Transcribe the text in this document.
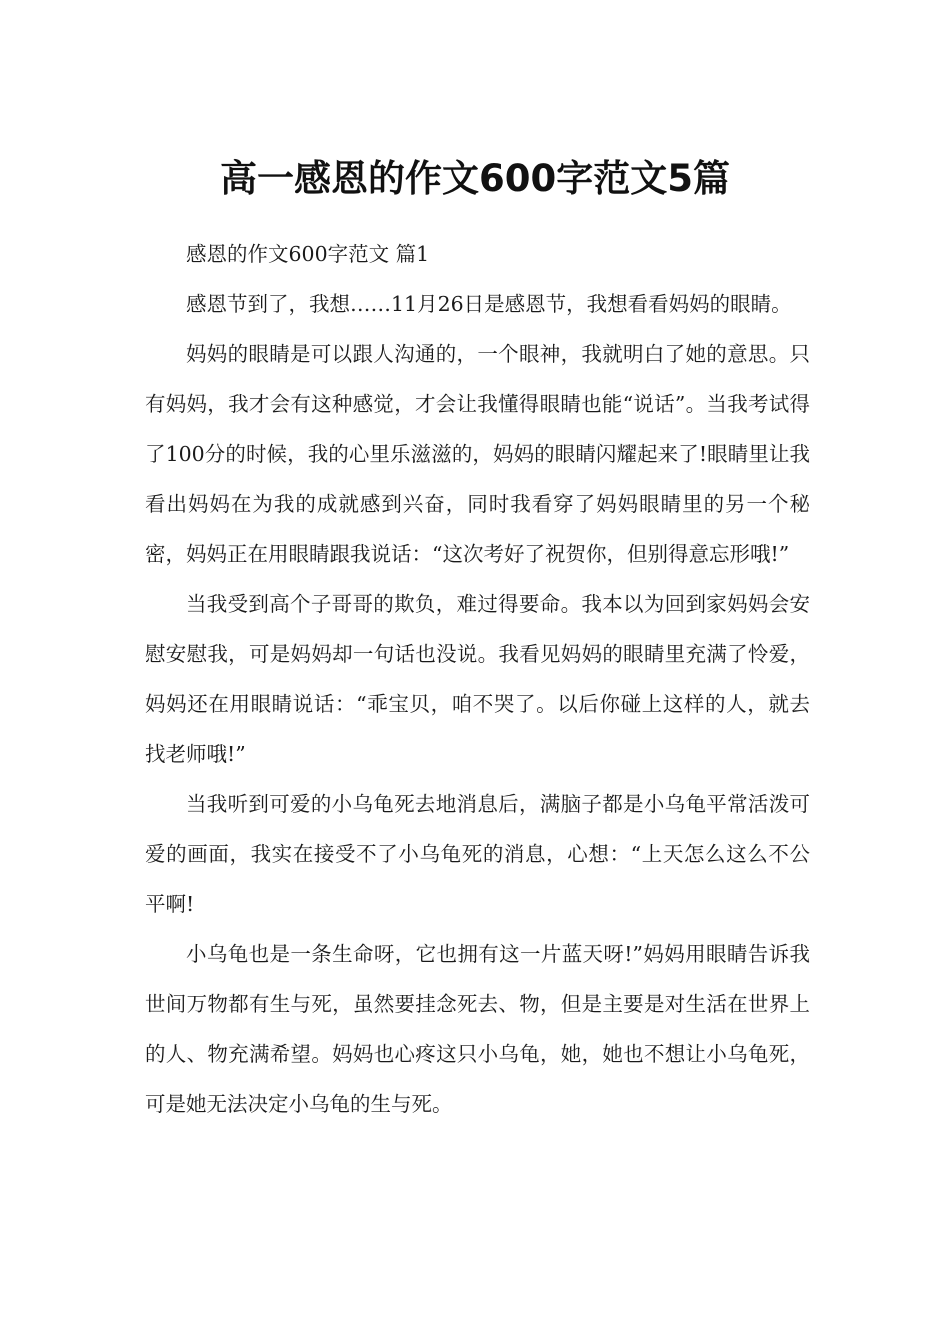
高一感恩的作文600字范文5篇

感恩的作文600字范文 篇1

感恩节到了，我想……11月26日是感恩节，我想看看妈妈的眼睛。

妈妈的眼睛是可以跟人沟通的，一个眼神，我就明白了她的意思。只有妈妈，我才会有这种感觉，才会让我懂得眼睛也能“说话”。当我考试得了100分的时候，我的心里乐滋滋的，妈妈的眼睛闪耀起来了!眼睛里让我看出妈妈在为我的成就感到兴奋，同时我看穿了妈妈眼睛里的另一个秘密，妈妈正在用眼睛跟我说话：“这次考好了祝贺你，但别得意忘形哦!”

当我受到高个子哥哥的欺负，难过得要命。我本以为回到家妈妈会安慰安慰我，可是妈妈却一句话也没说。我看见妈妈的眼睛里充满了怜爱，妈妈还在用眼睛说话：“乖宝贝，咱不哭了。以后你碰上这样的人，就去找老师哦!”

当我听到可爱的小乌龟死去地消息后，满脑子都是小乌龟平常活泼可爱的画面，我实在接受不了小乌龟死的消息，心想：“上天怎么这么不公平啊!

小乌龟也是一条生命呀，它也拥有这一片蓝天呀!”妈妈用眼睛告诉我世间万物都有生与死，虽然要挂念死去、物，但是主要是对生活在世界上的人、物充满希望。妈妈也心疼这只小乌龟，她，她也不想让小乌龟死，可是她无法决定小乌龟的生与死。
